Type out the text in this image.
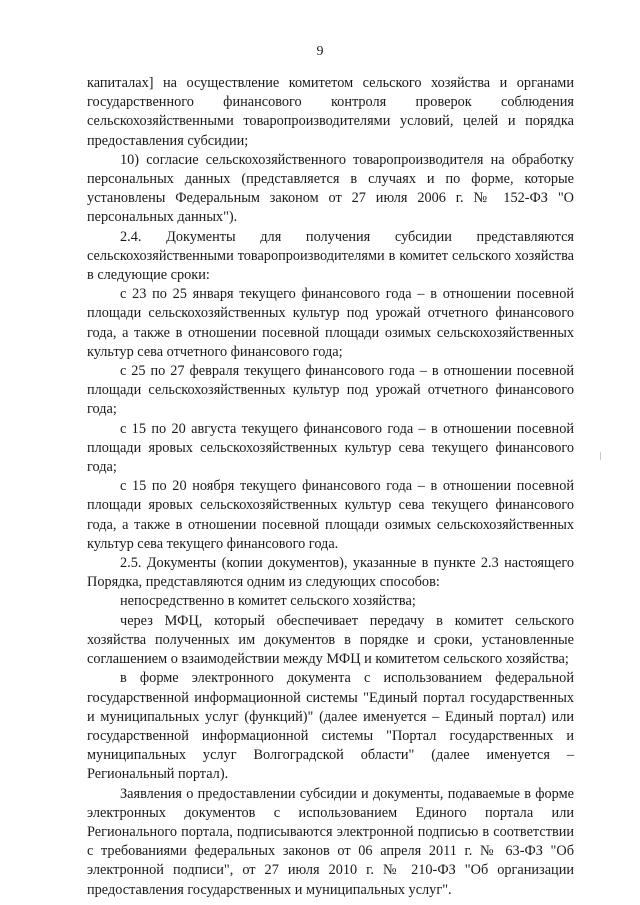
9

капиталах] на осуществление комитетом сельского хозяйства и органами государственного финансового контроля проверок соблюдения сельскохозяйственными товаропроизводителями условий, целей и порядка предоставления субсидии;

10) согласие сельскохозяйственного товаропроизводителя на обработку персональных данных (представляется в случаях и по форме, которые установлены Федеральным законом от 27 июля 2006 г. № 152-ФЗ "О персональных данных").

2.4. Документы для получения субсидии представляются сельскохозяйственными товаропроизводителями в комитет сельского хозяйства в следующие сроки:

с 23 по 25 января текущего финансового года – в отношении посевной площади сельскохозяйственных культур под урожай отчетного финансового года, а также в отношении посевной площади озимых сельскохозяйственных культур сева отчетного финансового года;

с 25 по 27 февраля текущего финансового года – в отношении посевной площади сельскохозяйственных культур под урожай отчетного финансового года;

с 15 по 20 августа текущего финансового года – в отношении посевной площади яровых сельскохозяйственных культур сева текущего финансового года;

с 15 по 20 ноября текущего финансового года – в отношении посевной площади яровых сельскохозяйственных культур сева текущего финансового года, а также в отношении посевной площади озимых сельскохозяйственных культур сева текущего финансового года.

2.5. Документы (копии документов), указанные в пункте 2.3 настоящего Порядка, представляются одним из следующих способов:

непосредственно в комитет сельского хозяйства;

через МФЦ, который обеспечивает передачу в комитет сельского хозяйства полученных им документов в порядке и сроки, установленные соглашением о взаимодействии между МФЦ и комитетом сельского хозяйства;

в форме электронного документа с использованием федеральной государственной информационной системы "Единый портал государственных и муниципальных услуг (функций)" (далее именуется – Единый портал) или государственной информационной системы "Портал государственных и муниципальных услуг Волгоградской области" (далее именуется – Региональный портал).

Заявления о предоставлении субсидии и документы, подаваемые в форме электронных документов с использованием Единого портала или Регионального портала, подписываются электронной подписью в соответствии с требованиями федеральных законов от 06 апреля 2011 г. № 63-ФЗ "Об электронной подписи", от 27 июля 2010 г. № 210-ФЗ "Об организации предоставления государственных и муниципальных услуг".
